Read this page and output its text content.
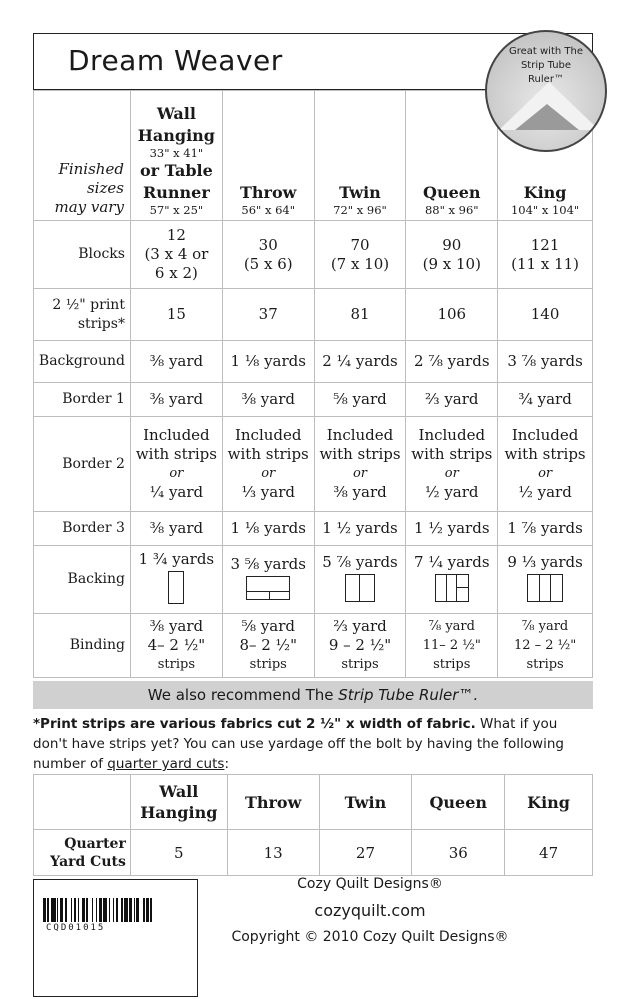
Dream Weaver	Great with The
Strip Tube
Ruler™
Finished sizes
may vary	Wall Hanging
33" x 41"
or Table Runner
57" x 25"	Throw
56" x 64"	Twin
72" x 96"	Queen
88" x 96"	King
104" x 104"

Blocks	12
(3 x 4 or
6 x 2)	30
(5 x 6)	70
(7 x 10)	90
(9 x 10)	121
(11 x 11)

2 ½" print
strips*	15	37	81	106	140
Background	⅜ yard	1 ⅛ yards	2 ¼ yards	2 ⅞ yards	3 ⅞ yards
Border 1	⅜ yard	⅜ yard	⅝ yard	⅔ yard	¾ yard
Border 2	Included
with strips
or
¼ yard	Included
with strips
or
⅓ yard	Included
with strips
or
⅜ yard	Included
with strips
or
½ yard	Included
with strips
or
½ yard

Border 3	⅜ yard	1 ⅛ yards	1 ½ yards	1 ½ yards	1 ⅞ yards
Backing	1 ¾ yards	3 ⅝ yards	5 ⅞ yards	7 ¼ yards	9 ⅓ yards

Binding	⅜ yard
4– 2 ½"
strips	⅝ yard
8– 2 ½"
strips	⅔ yard
9 – 2 ½"
strips	⅞ yard
11– 2 ½"
strips	⅞ yard
12 – 2 ½"
strips
We also recommend The Strip Tube Ruler™.
*Print strips are various fabrics cut 2 ½" x width of fabric. What if you don't have strips yet? You can use yardage off the bolt by having the following number of quarter yard cuts:
	Wall Hanging	Throw	Twin	Queen	King

Quarter
Yard Cuts	5	13	27	36	47
CQD01015
Cozy Quilt Designs®
cozyquilt.com
Copyright © 2010 Cozy Quilt Designs®
